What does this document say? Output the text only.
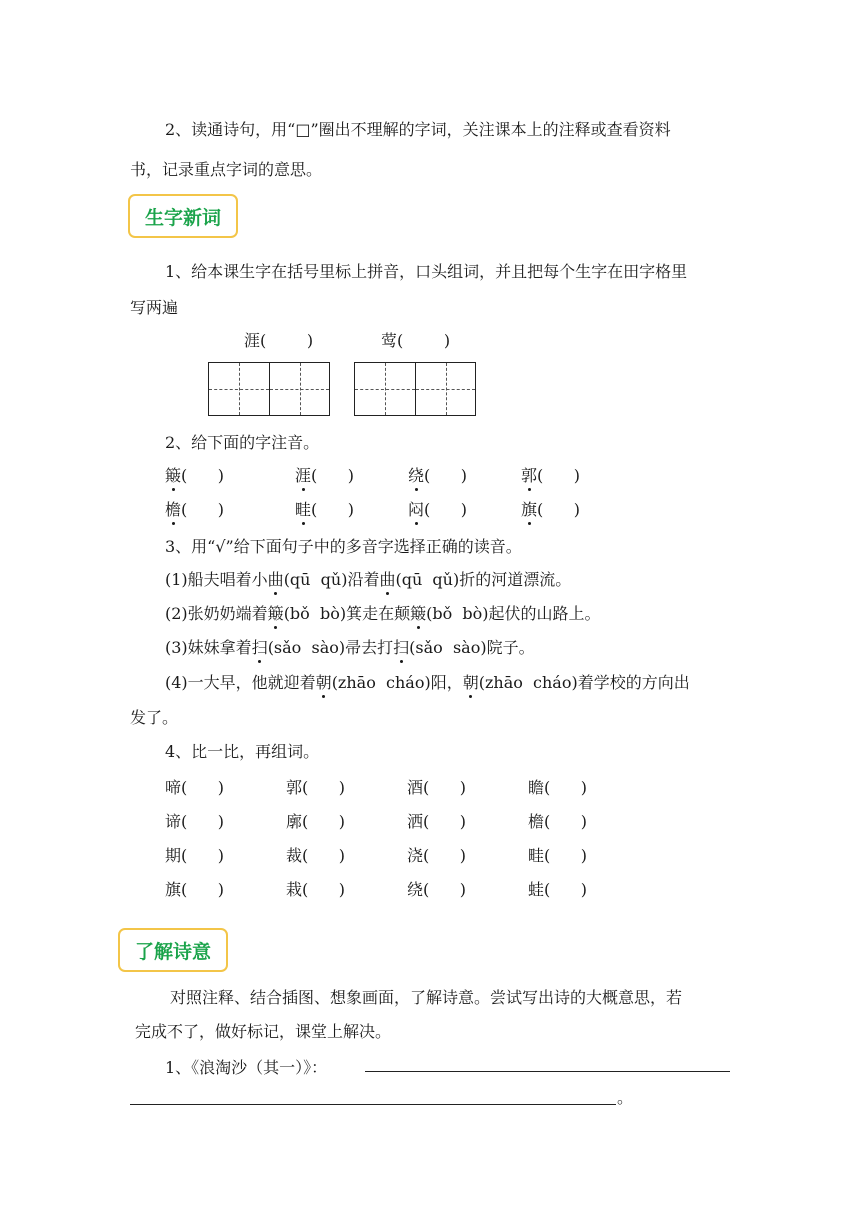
2、读通诗句，用“□”圈出不理解的字词，关注课本上的注释或查看资料
书，记录重点字词的意思。
生字新词
1、给本课生字在括号里标上拼音，口头组词，并且把每个生字在田字格里
写两遍
涯(        )	莺(        )
2、给下面的字注音。
簸(      )	涯(      )	绕(      )	郭(      )
檐(      )	畦(      )	闷(      )	旗(      )
3、用“√”给下面句子中的多音字选择正确的读音。
(1)船夫唱着小曲(qū  qǔ)沿着曲(qū  qǔ)折的河道漂流。
(2)张奶奶端着簸(bǒ  bò)箕走在颠簸(bǒ  bò)起伏的山路上。
(3)妹妹拿着扫(sǎo  sào)帚去打扫(sǎo  sào)院子。
(4)一大早，他就迎着朝(zhāo  cháo)阳，朝(zhāo  cháo)着学校的方向出
发了。
4、比一比，再组词。
啼(      )	郭(      )	酒(      )	瞻(      )
谛(      )	廓(      )	洒(      )	檐(      )
期(      )	裁(      )	浇(      )	畦(      )
旗(      )	栽(      )	绕(      )	蛙(      )
了解诗意
对照注释、结合插图、想象画面，了解诗意。尝试写出诗的大概意思，若
完成不了，做好标记，课堂上解决。
1、《浪淘沙（其一）》：
。
